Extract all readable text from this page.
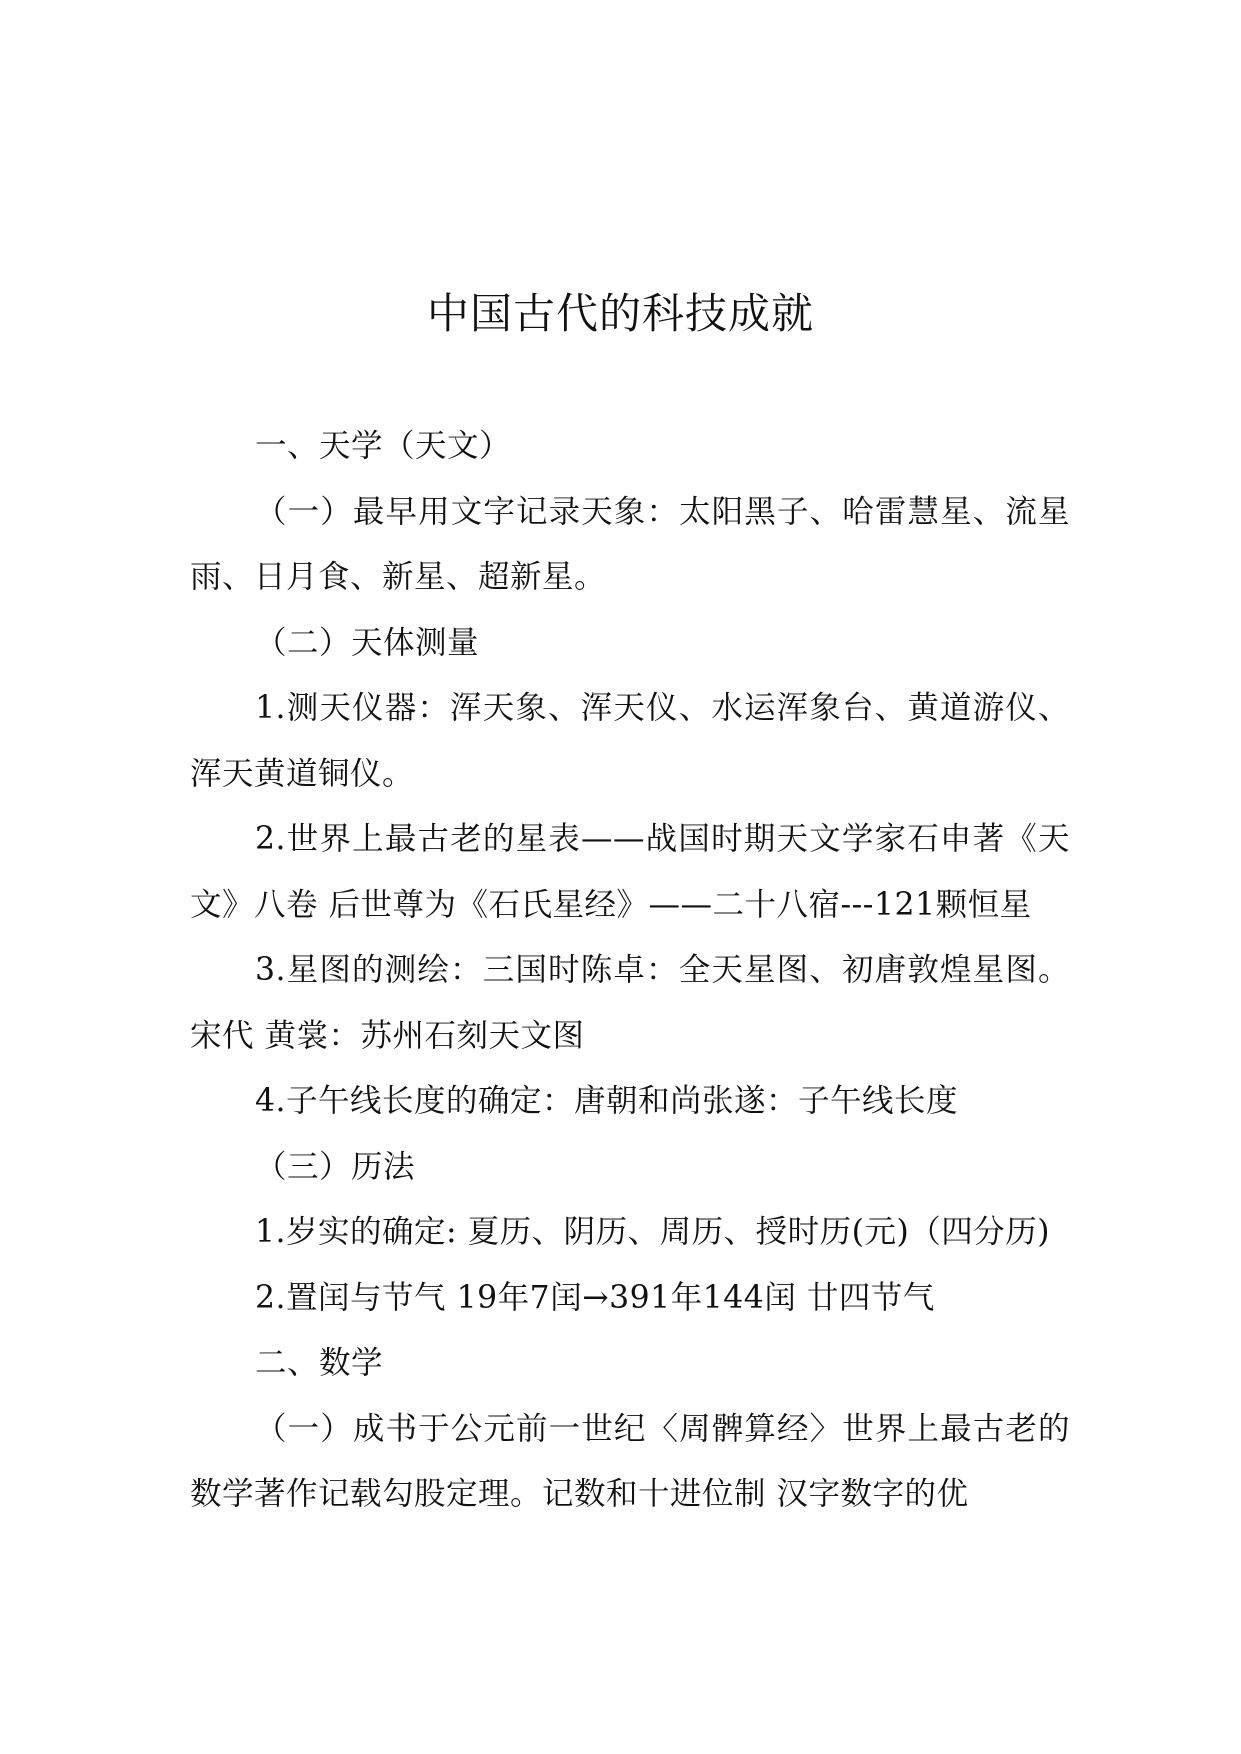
中国古代的科技成就

一、天学（天文）

（一）最早用文字记录天象：太阳黑子、哈雷慧星、流星雨、日月食、新星、超新星。

（二）天体测量

1.测天仪器：浑天象、浑天仪、水运浑象台、黄道游仪、浑天黄道铜仪。

2.世界上最古老的星表——战国时期天文学家石申著《天文》八卷 后世尊为《石氏星经》——二十八宿---121颗恒星

3.星图的测绘：三国时陈卓：全天星图、初唐敦煌星图。宋代 黄裳：苏州石刻天文图

4.子午线长度的确定：唐朝和尚张遂：子午线长度

（三）历法

1.岁实的确定: 夏历、阴历、周历、授时历(元)（四分历)

2.置闰与节气 19年7闰→391年144闰 廿四节气

二、数学

（一）成书于公元前一世纪〈周髀算经〉世界上最古老的数学著作记载勾股定理。记数和十进位制 汉字数字的优
